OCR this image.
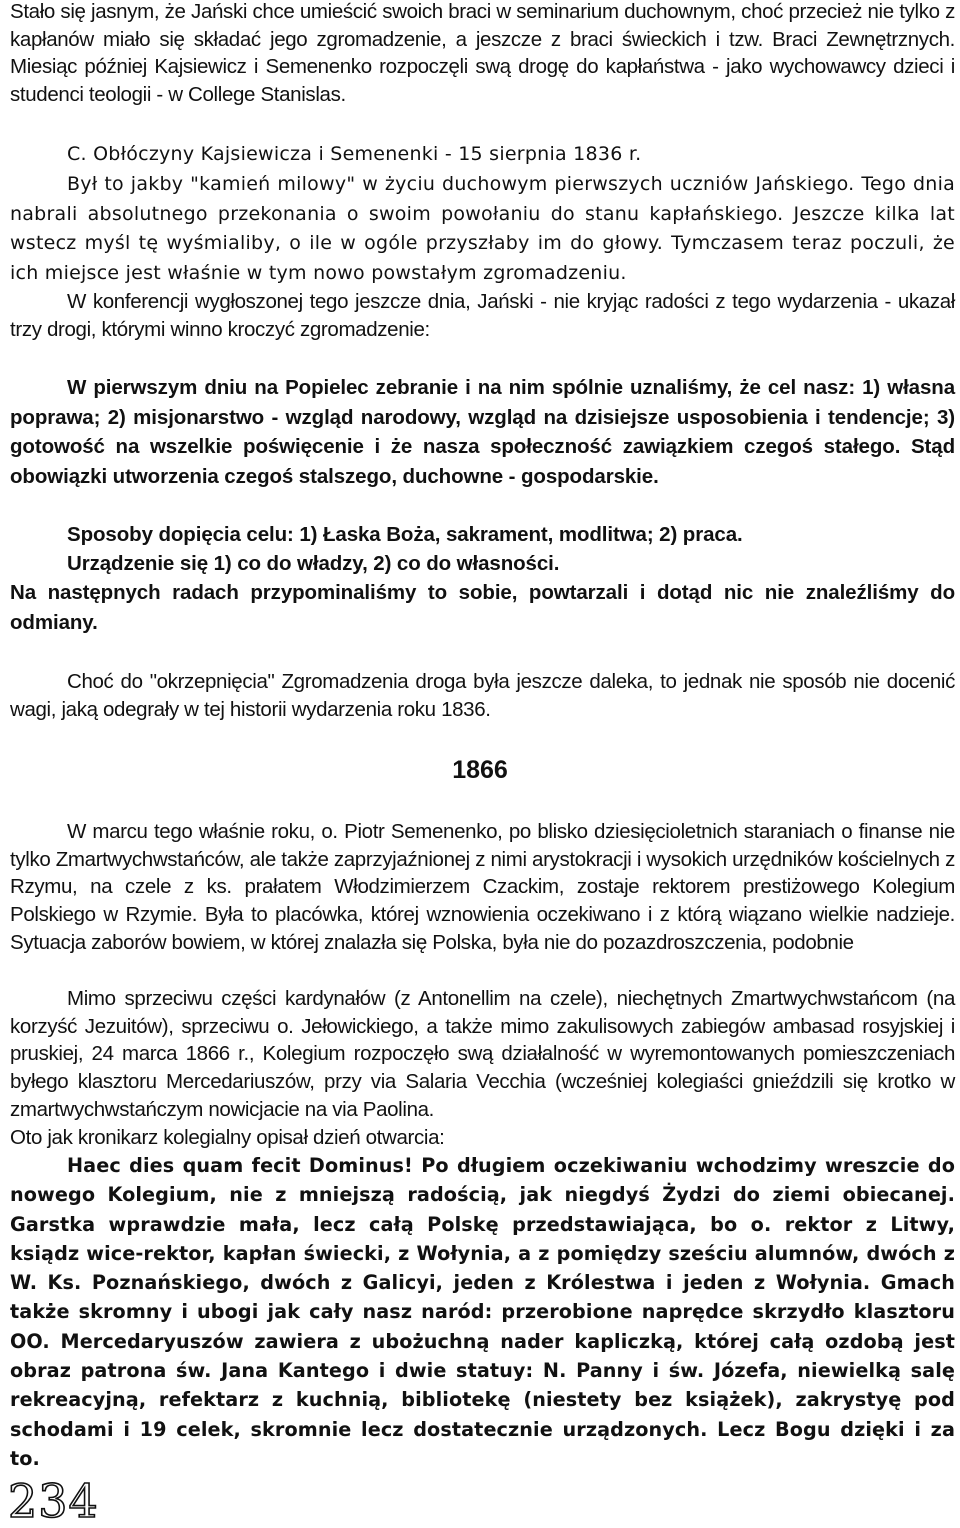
Stało się jasnym, że Jański chce umieścić swoich braci w seminarium duchownym, choć przecież nie tylko z kapłanów miało się składać jego zgromadzenie, a jeszcze z braci świeckich i tzw. Braci Zewnętrznych. Miesiąc później Kajsiewicz i Semenenko rozpoczęli swą drogę do kapłaństwa - jako wychowawcy dzieci i studenci teologii - w College Stanislas.

C. Obłóczyny Kajsiewicza i Semenenki - 15 sierpnia 1836 r.

Był to jakby "kamień milowy" w życiu duchowym pierwszych uczniów Jańskiego. Tego dnia nabrali absolutnego przekonania o swoim powołaniu do stanu kapłańskiego. Jeszcze kilka lat wstecz myśl tę wyśmialiby, o ile w ogóle przyszłaby im do głowy. Tymczasem teraz poczuli, że ich miejsce jest właśnie w tym nowo powstałym zgromadzeniu.

W konferencji wygłoszonej tego jeszcze dnia, Jański - nie kryjąc radości z tego wydarzenia - ukazał trzy drogi, którymi winno kroczyć zgromadzenie:

W pierwszym dniu na Popielec zebranie i na nim spólnie uznaliśmy, że cel nasz: 1) własna poprawa; 2) misjonarstwo - wzgląd narodowy, wzgląd na dzisiejsze usposobienia i tendencje; 3) gotowość na wszelkie poświęcenie i że nasza społeczność zawiązkiem czegoś stałego. Stąd obowiązki utworzenia czegoś stalszego, duchowne - gospodarskie.

Sposoby dopięcia celu: 1) Łaska Boża, sakrament, modlitwa; 2) praca.

Urządzenie się 1) co do władzy, 2) co do własności.

Na następnych radach przypominaliśmy to sobie, powtarzali i dotąd nic nie znaleźliśmy do odmiany.

Choć do "okrzepnięcia" Zgromadzenia droga była jeszcze daleka, to jednak nie sposób nie docenić wagi, jaką odegrały w tej historii wydarzenia roku 1836.

1866

W marcu tego właśnie roku, o. Piotr Semenenko, po blisko dziesięcioletnich staraniach o finanse nie tylko Zmartwychwstańców, ale także zaprzyjaźnionej z nimi arystokracji i wysokich urzędników kościelnych z Rzymu, na czele z ks. prałatem Włodzimierzem Czackim, zostaje rektorem prestiżowego Kolegium Polskiego w Rzymie. Była to placówka, której wznowienia oczekiwano i z którą wiązano wielkie nadzieje. Sytuacja zaborów bowiem, w której znalazła się Polska, była nie do pozazdroszczenia, podobnie

Mimo sprzeciwu części kardynałów (z Antonellim na czele), niechętnych Zmartwychwstańcom (na korzyść Jezuitów), sprzeciwu o. Jełowickiego, a także mimo zakulisowych zabiegów ambasad rosyjskiej i pruskiej, 24 marca 1866 r., Kolegium rozpoczęło swą działalność w wyremontowanych pomieszczeniach byłego klasztoru Mercedariuszów, przy via Salaria Vecchia (wcześniej kolegiaści gnieździli się krotko w zmartwychwstańczym nowicjacie na via Paolina.

Oto jak kronikarz kolegialny opisał dzień otwarcia:

Haec dies quam fecit Dominus! Po długiem oczekiwaniu wchodzimy wreszcie do nowego Kolegium, nie z mniejszą radością, jak niegdyś Żydzi do ziemi obiecanej. Garstka wprawdzie mała, lecz całą Polskę przedstawiająca, bo o. rektor z Litwy, ksiądz wice-rektor, kapłan świecki, z Wołynia, a z pomiędzy sześciu alumnów, dwóch z W. Ks. Poznańskiego, dwóch z Galicyi, jeden z Królestwa i jeden z Wołynia. Gmach także skromny i ubogi jak cały nasz naród: przerobione naprędce skrzydło klasztoru OO. Mercedaryuszów zawiera z ubożuchną nader kapliczką, której całą ozdobą jest obraz patrona św. Jana Kantego i dwie statuy: N. Panny i św. Józefa, niewielką salę rekreacyjną, refektarz z kuchnią, bibliotekę (niestety bez książek), zakrystyę pod schodami i 19 celek, skromnie lecz dostatecznie urządzonych. Lecz Bogu dzięki i za to.

234
